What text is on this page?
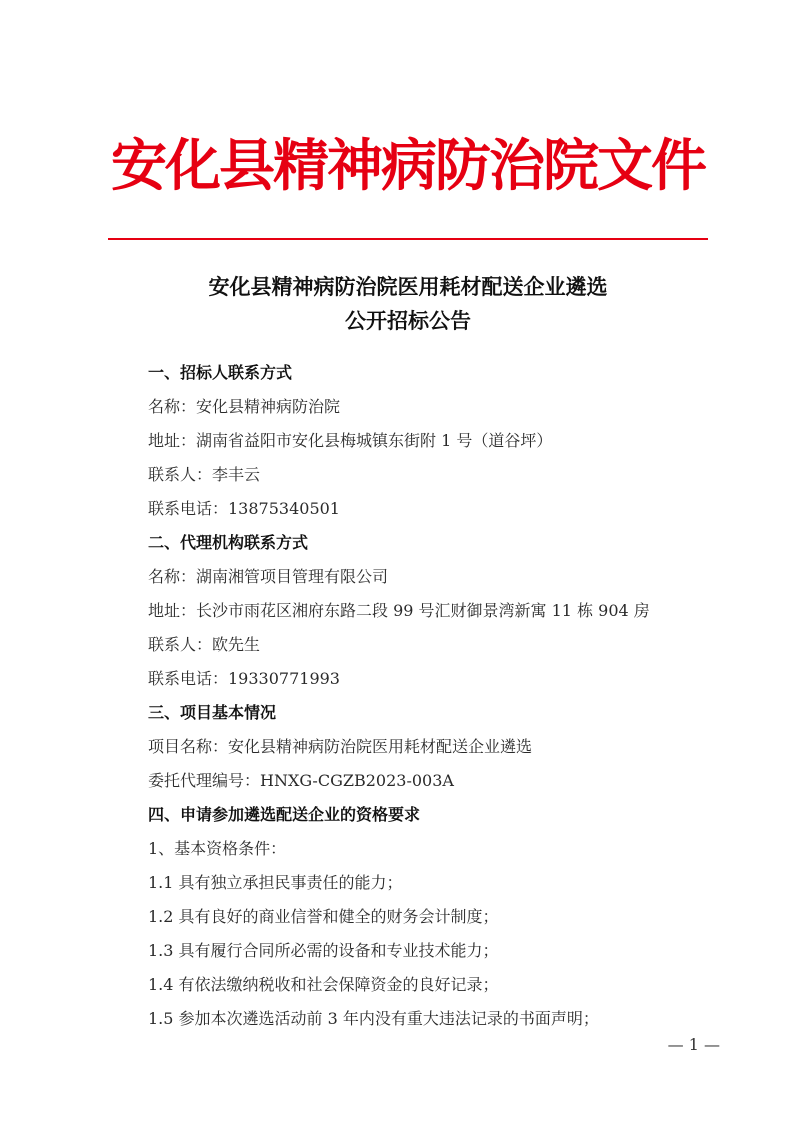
安化县精神病防治院文件
安化县精神病防治院医用耗材配送企业遴选
公开招标公告
一、招标人联系方式
名称：安化县精神病防治院
地址：湖南省益阳市安化县梅城镇东街附 1 号（道谷坪）
联系人：李丰云
联系电话：13875340501
二、代理机构联系方式
名称：湖南湘管项目管理有限公司
地址：长沙市雨花区湘府东路二段 99 号汇财御景湾新寓 11 栋 904 房
联系人：欧先生
联系电话：19330771993
三、项目基本情况
项目名称：安化县精神病防治院医用耗材配送企业遴选
委托代理编号：HNXG-CGZB2023-003A
四、申请参加遴选配送企业的资格要求
1、基本资格条件：
1.1 具有独立承担民事责任的能力；
1.2 具有良好的商业信誉和健全的财务会计制度；
1.3 具有履行合同所必需的设备和专业技术能力；
1.4 有依法缴纳税收和社会保障资金的良好记录；
1.5 参加本次遴选活动前 3 年内没有重大违法记录的书面声明；
— 1 —
